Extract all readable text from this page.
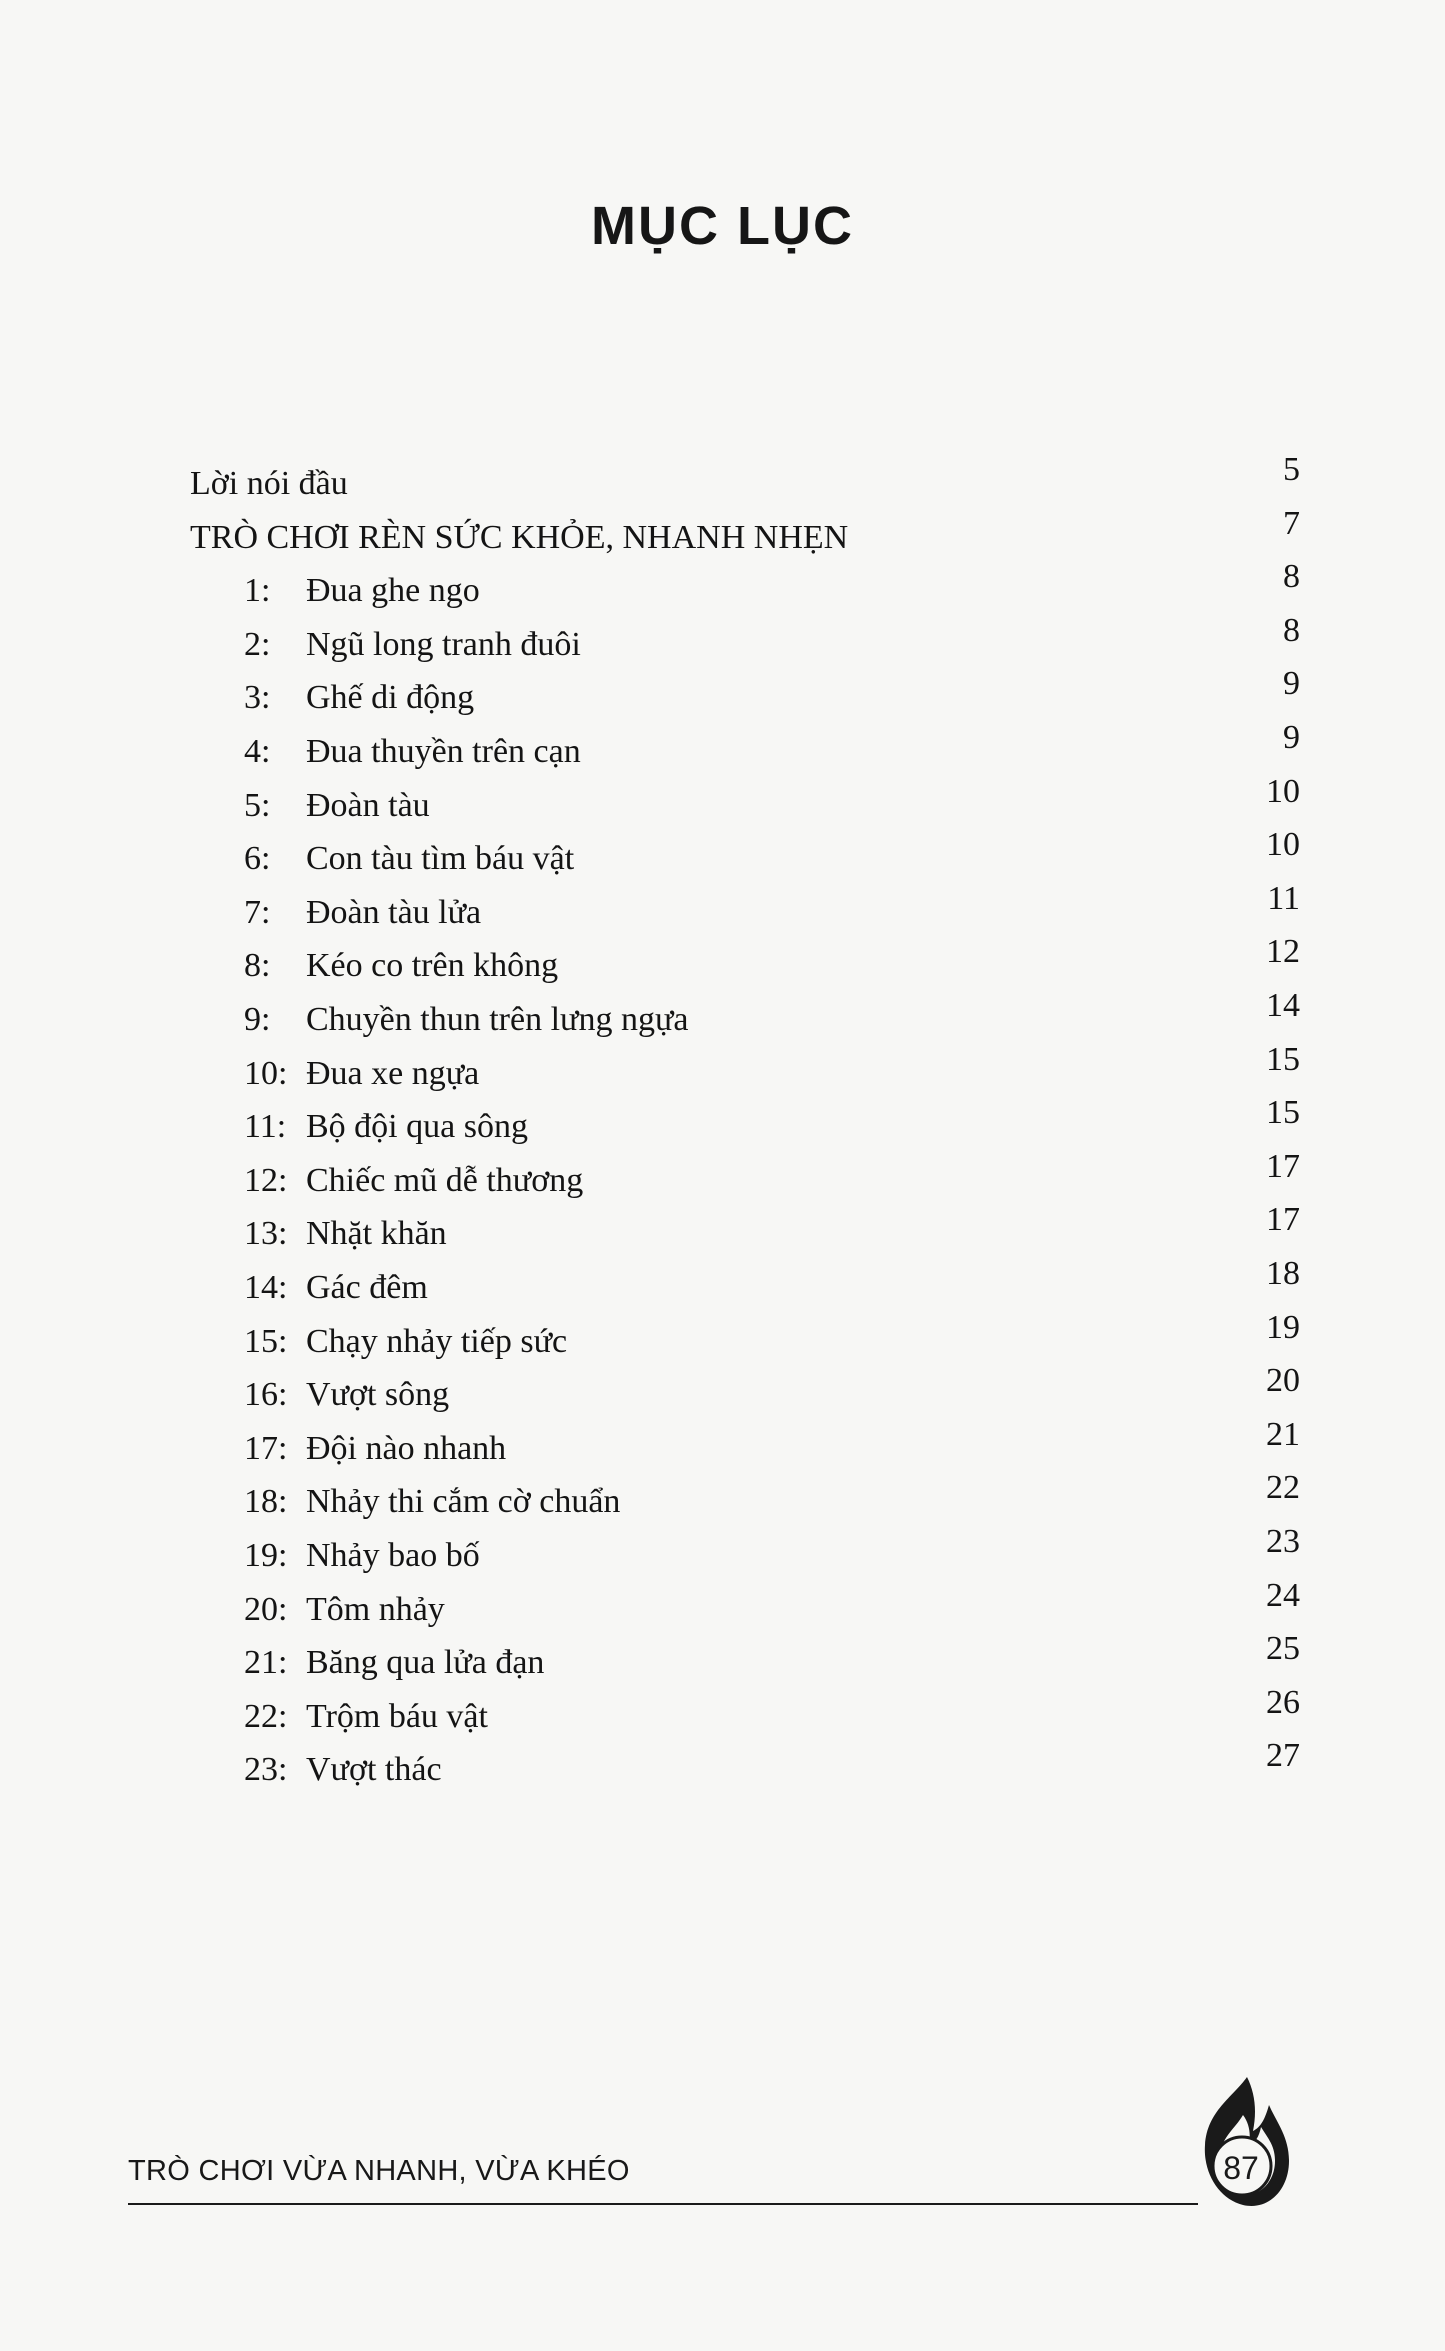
MỤC LỤC
Lời nói đầu	5
TRÒ CHƠI RÈN SỨC KHỎE, NHANH NHẸN	7
1: Đua ghe ngo	8
2: Ngũ long tranh đuôi	8
3: Ghế di động	9
4: Đua thuyền trên cạn	9
5: Đoàn tàu	10
6: Con tàu tìm báu vật	10
7: Đoàn tàu lửa	11
8: Kéo co trên không	12
9: Chuyền thun trên lưng ngựa	14
10: Đua xe ngựa	15
11: Bộ đội qua sông	15
12: Chiếc mũ dễ thương	17
13: Nhặt khăn	17
14: Gác đêm	18
15: Chạy nhảy tiếp sức	19
16: Vượt sông	20
17: Đội nào nhanh	21
18: Nhảy thi cắm cờ chuẩn	22
19: Nhảy bao bố	23
20: Tôm nhảy	24
21: Băng qua lửa đạn	25
22: Trộm báu vật	26
23: Vượt thác	27
87
TRÒ CHƠI VỪA NHANH, VỪA KHÉO
